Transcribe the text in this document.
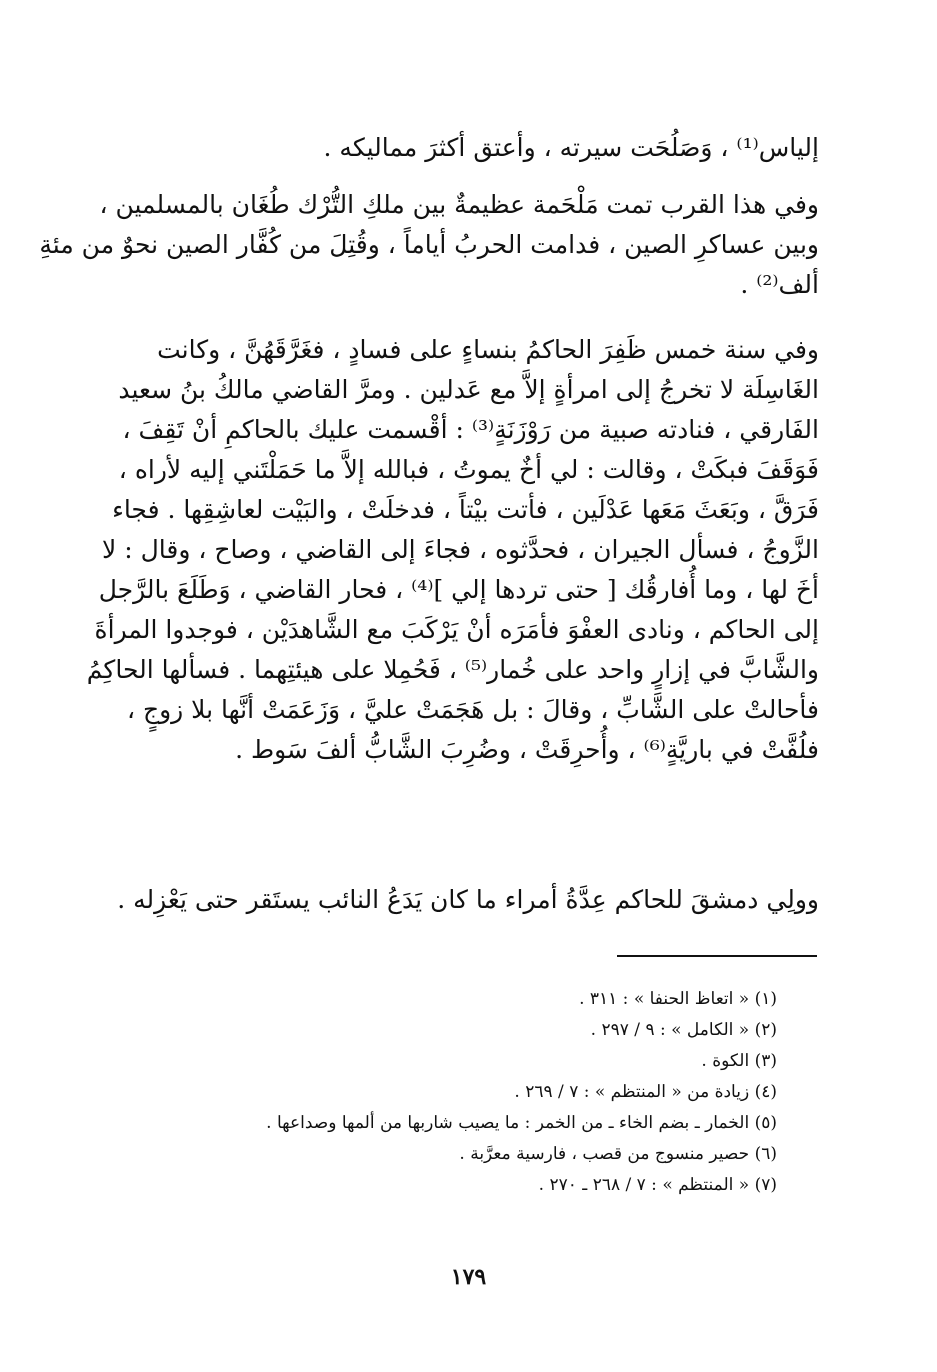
إلياس⁽¹⁾ ، وَصَلُحَت سيرته ، وأعتق أكثرَ مماليكه .
وفي هذا القرب تمت مَلْحَمة عظيمةٌ بين ملكِ التُّرْك طُغَان بالمسلمين ،
وبين عساكرِ الصين ، فدامت الحربُ أياماً ، وقُتِلَ من كُفَّار الصين نحوٌ من مئةِ
ألف⁽²⁾ .
وفي سنة خمس ظَفِرَ الحاكمُ بنساءٍ على فسادٍ ، فغَرَّقَهُنَّ ، وكانت
الغَاسِلَة لا تخرجُ إلى امرأةٍ إلاَّ مع عَدلين . ومرَّ القاضي مالكُ بنُ سعيد
الفَارقي ، فنادته صبية من رَوْزَنَةٍ⁽³⁾ : أقْسمت عليك بالحاكمِ أنْ تَقِفَ ،
فَوَقَفَ فبكَتْ ، وقالت : لي أخٌ يموتُ ، فبالله إلاَّ ما حَمَلْتَني إليه لأراه ،
فَرَقَّ ، وبَعَثَ مَعَها عَدْلَين ، فأتت بيْتاً ، فدخلَتْ ، والبَيْت لعاشِقِها . فجاء
الزَّوجُ ، فسأل الجيران ، فحدَّثوه ، فجاءَ إلى القاضي ، وصاح ، وقال : لا
أخَ لها ، وما أُفارقُك [ حتى تردها إلي ]⁽⁴⁾ ، فحار القاضي ، وَطَلَعَ بالرَّجل
إلى الحاكم ، ونادى العفْوَ فأمَرَه أنْ يَرْكَبَ مع الشَّاهدَيْن ، فوجدوا المرأةَ
والشَّابَّ في إزارٍ واحد على خُمار⁽⁵⁾ ، فَحُمِلا على هيئتِهما . فسألها الحاكِمُ
فأحالتْ على الشَّابِّ ، وقالَ : بل هَجَمَتْ عليَّ ، وَزَعَمَتْ أنَّها بلا زوجٍ ،
فلُفَّتْ في باريَّةٍ⁽⁶⁾ ، وأُحرِقَتْ ، وضُرِبَ الشَّابُّ ألفَ سَوط .
وولِي دمشقَ للحاكم عِدَّةُ أمراء ما كان يَدَعُ النائب يستَقر حتى يَعْزِله .
(١) « اتعاظ الحنفا » : ٣١١ .
(٢) « الكامل » : ٩ / ٢٩٧ .
(٣) الكوة .
(٤) زيادة من « المنتظم » : ٧ / ٢٦٩ .
(٥) الخمار ـ بضم الخاء ـ من الخمر : ما يصيب شاربها من ألمها وصداعها .
(٦) حصير منسوج من قصب ، فارسية معرَّبة .
(٧) « المنتظم » : ٧ / ٢٦٨ ـ ٢٧٠ .
١٧٩
